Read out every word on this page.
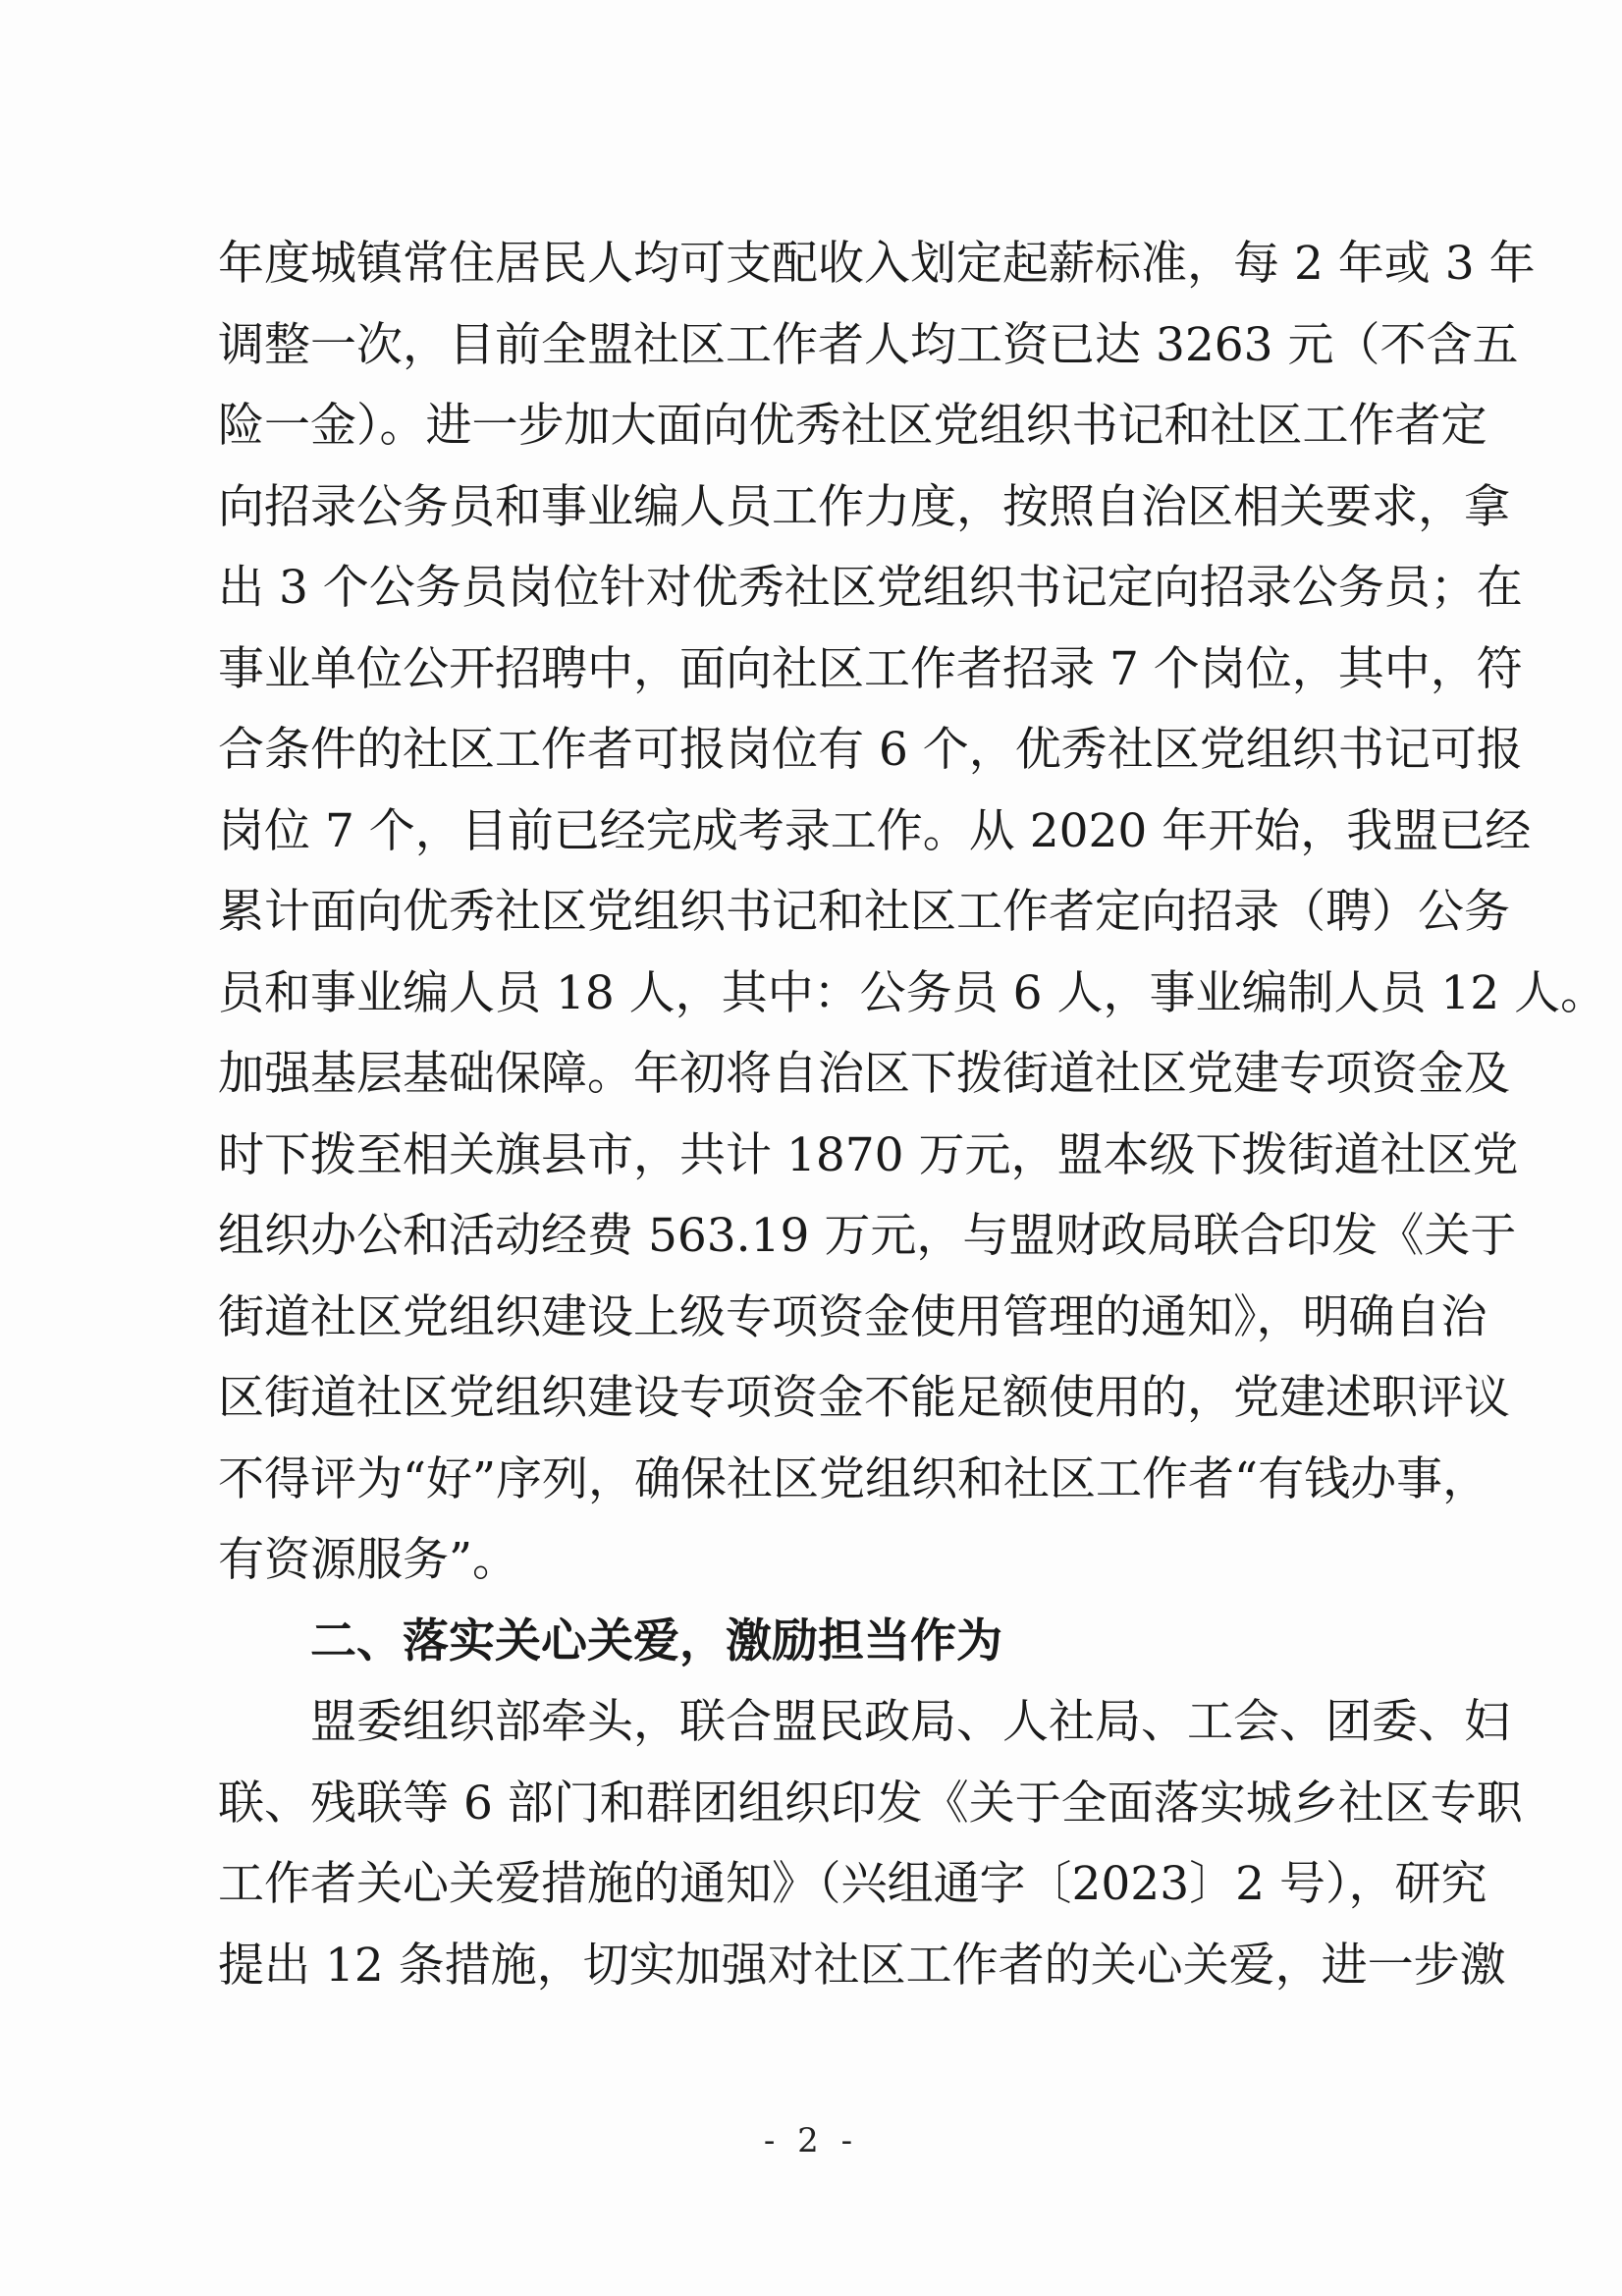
年度城镇常住居民人均可支配收入划定起薪标准，每 2 年或 3 年
调整一次，目前全盟社区工作者人均工资已达 3263 元（不含五
险一金）。进一步加大面向优秀社区党组织书记和社区工作者定
向招录公务员和事业编人员工作力度，按照自治区相关要求，拿
出 3 个公务员岗位针对优秀社区党组织书记定向招录公务员；在
事业单位公开招聘中，面向社区工作者招录 7 个岗位，其中，符
合条件的社区工作者可报岗位有 6 个，优秀社区党组织书记可报
岗位 7 个，目前已经完成考录工作。从 2020 年开始，我盟已经
累计面向优秀社区党组织书记和社区工作者定向招录（聘）公务
员和事业编人员 18 人，其中：公务员 6 人，事业编制人员 12 人。
加强基层基础保障。年初将自治区下拨街道社区党建专项资金及
时下拨至相关旗县市，共计 1870 万元，盟本级下拨街道社区党
组织办公和活动经费 563.19 万元，与盟财政局联合印发《关于
街道社区党组织建设上级专项资金使用管理的通知》，明确自治
区街道社区党组织建设专项资金不能足额使用的，党建述职评议
不得评为“好”序列，确保社区党组织和社区工作者“有钱办事，
有资源服务”。
二、落实关心关爱，激励担当作为
盟委组织部牵头，联合盟民政局、人社局、工会、团委、妇
联、残联等 6 部门和群团组织印发《关于全面落实城乡社区专职
工作者关心关爱措施的通知》（兴组通字〔2023〕2 号），研究
提出 12 条措施，切实加强对社区工作者的关心关爱，进一步激
- 2 -
